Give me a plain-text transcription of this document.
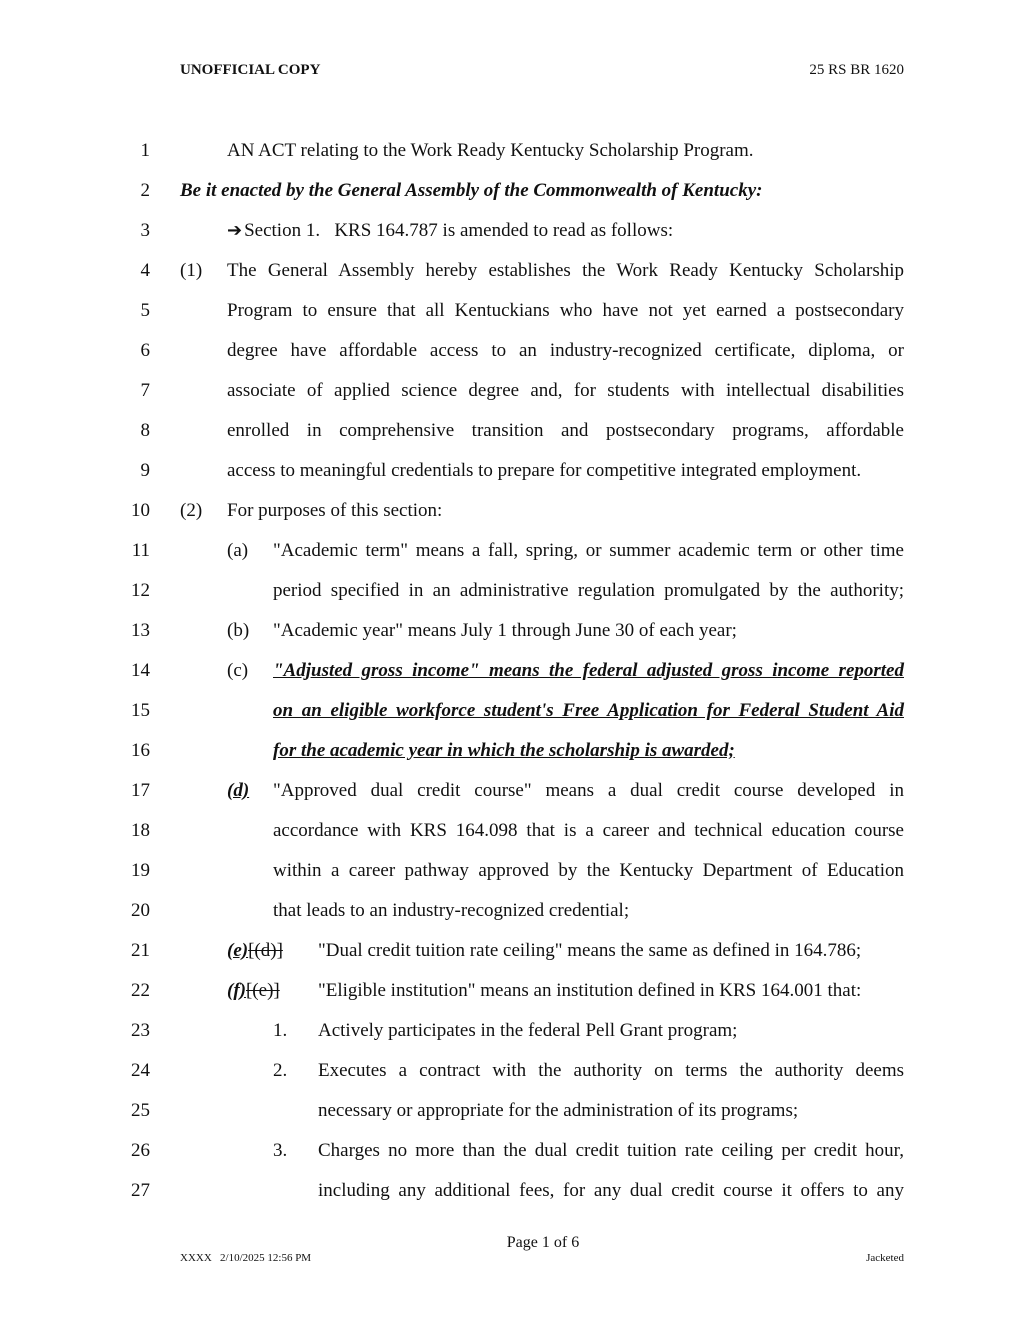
UNOFFICIAL COPY	25 RS BR 1620
1	AN ACT relating to the Work Ready Kentucky Scholarship Program.
2 Be it enacted by the General Assembly of the Commonwealth of Kentucky:
3	➔ Section 1.   KRS 164.787 is amended to read as follows:
4 (1) The General Assembly hereby establishes the Work Ready Kentucky Scholarship
5	Program to ensure that all Kentuckians who have not yet earned a postsecondary
6	degree have affordable access to an industry-recognized certificate, diploma, or
7	associate of applied science degree and, for students with intellectual disabilities
8	enrolled in comprehensive transition and postsecondary programs, affordable
9	access to meaningful credentials to prepare for competitive integrated employment.
10 (2) For purposes of this section:
11	(a) "Academic term" means a fall, spring, or summer academic term or other time
12	period specified in an administrative regulation promulgated by the authority;
13	(b) "Academic year" means July 1 through June 30 of each year;
14	(c) "Adjusted gross income" means the federal adjusted gross income reported
15	on an eligible workforce student's Free Application for Federal Student Aid
16	for the academic year in which the scholarship is awarded;
17	(d) "Approved dual credit course" means a dual credit course developed in
18	accordance with KRS 164.098 that is a career and technical education course
19	within a career pathway approved by the Kentucky Department of Education
20	that leads to an industry-recognized credential;
21	(e)[(d)] "Dual credit tuition rate ceiling" means the same as defined in 164.786;
22	(f)[(e)] "Eligible institution" means an institution defined in KRS 164.001 that:
23	1. Actively participates in the federal Pell Grant program;
24	2. Executes a contract with the authority on terms the authority deems
25	necessary or appropriate for the administration of its programs;
26	3. Charges no more than the dual credit tuition rate ceiling per credit hour,
27	including any additional fees, for any dual credit course it offers to any
Page 1 of 6
XXXX   2/10/2025 12:56 PM	Jacketed
